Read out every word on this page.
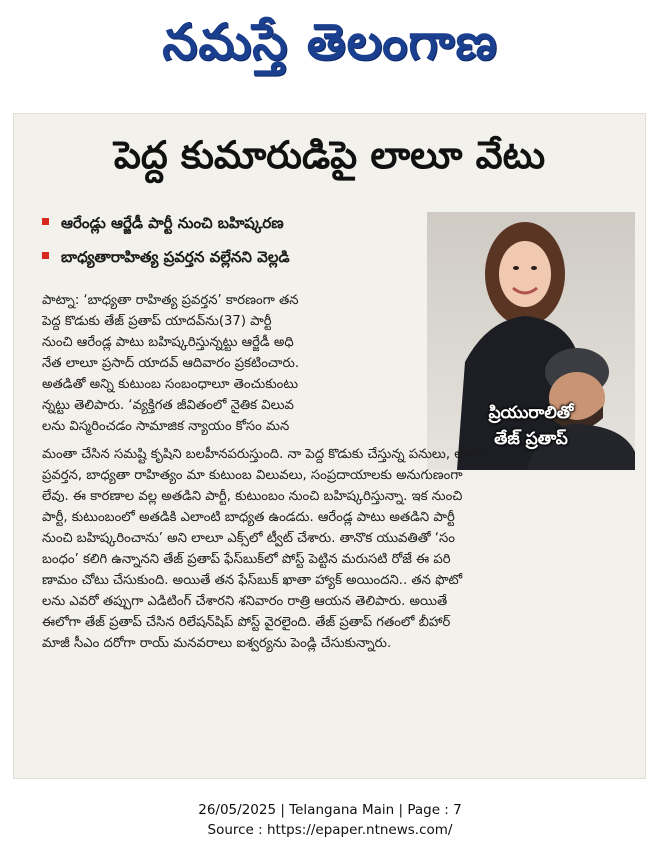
నమస్తే తెలంగాణ
పెద్ద కుమారుడిపై లాలూ వేటు
ఆరేండ్లు ఆర్జేడీ పార్టీ నుంచి బహిష్కరణ
బాధ్యతారాహిత్య ప్రవర్తన వల్లేనని వెల్లడి
ప్రియురాలితో
తేజ్ ప్రతాప్
పాట్నా: ‘బాధ్యతా రాహిత్య ప్రవర్తన’ కారణంగా తన
పెద్ద కొడుకు తేజ్ ప్రతాప్ యాదవ్‌ను(37) పార్టీ
నుంచి ఆరేండ్ల పాటు బహిష్కరిస్తున్నట్టు ఆర్జేడీ అధి
నేత లాలూ ప్రసాద్ యాదవ్ ఆదివారం ప్రకటించారు.
అతడితో అన్ని కుటుంబ సంబంధాలూ తెంచుకుంటు
న్నట్టు తెలిపారు. ‘వ్యక్తిగత జీవితంలో నైతిక విలువ
లను విస్మరించడం సామాజిక న్యాయం కోసం మన
మంతా చేసిన సమష్టి కృషిని బలహీనపరుస్తుంది. నా పెద్ద కొడుకు చేస్తున్న పనులు, అతడి
ప్రవర్తన, బాధ్యతా రాహిత్యం మా కుటుంబ విలువలు, సంప్రదాయాలకు అనుగుణంగా
లేవు. ఈ కారణాల వల్ల అతడిని పార్టీ, కుటుంబం నుంచి బహిష్కరిస్తున్నా. ఇక నుంచి
పార్టీ, కుటుంబంలో అతడికి ఎలాంటి బాధ్యత ఉండదు. ఆరేండ్ల పాటు అతడిని పార్టీ
నుంచి బహిష్కరించాను’ అని లాలూ ఎక్స్‌లో ట్వీట్ చేశారు. తానొక యువతితో ‘సం
బంధం’ కలిగి ఉన్నానని తేజ్ ప్రతాప్ ఫేస్‌బుక్‌లో పోస్ట్ పెట్టిన మరుసటి రోజే ఈ పరి
ణామం చోటు చేసుకుంది. అయితే తన ఫేస్‌బుక్ ఖాతా హ్యాక్ అయిందని.. తన ఫొటో
లను ఎవరో తప్పుగా ఎడిటింగ్ చేశారని శనివారం రాత్రి ఆయన తెలిపారు. అయితే
ఈలోగా తేజ్ ప్రతాప్ చేసిన రిలేషన్‌షిప్ పోస్ట్ వైరలైంది. తేజ్ ప్రతాప్ గతంలో బీహార్
మాజీ సీఎం దరోగా రాయ్ మనవరాలు ఐశ్వర్యను పెండ్లి చేసుకున్నారు.
26/05/2025 | Telangana Main | Page : 7
Source : https://epaper.ntnews.com/
